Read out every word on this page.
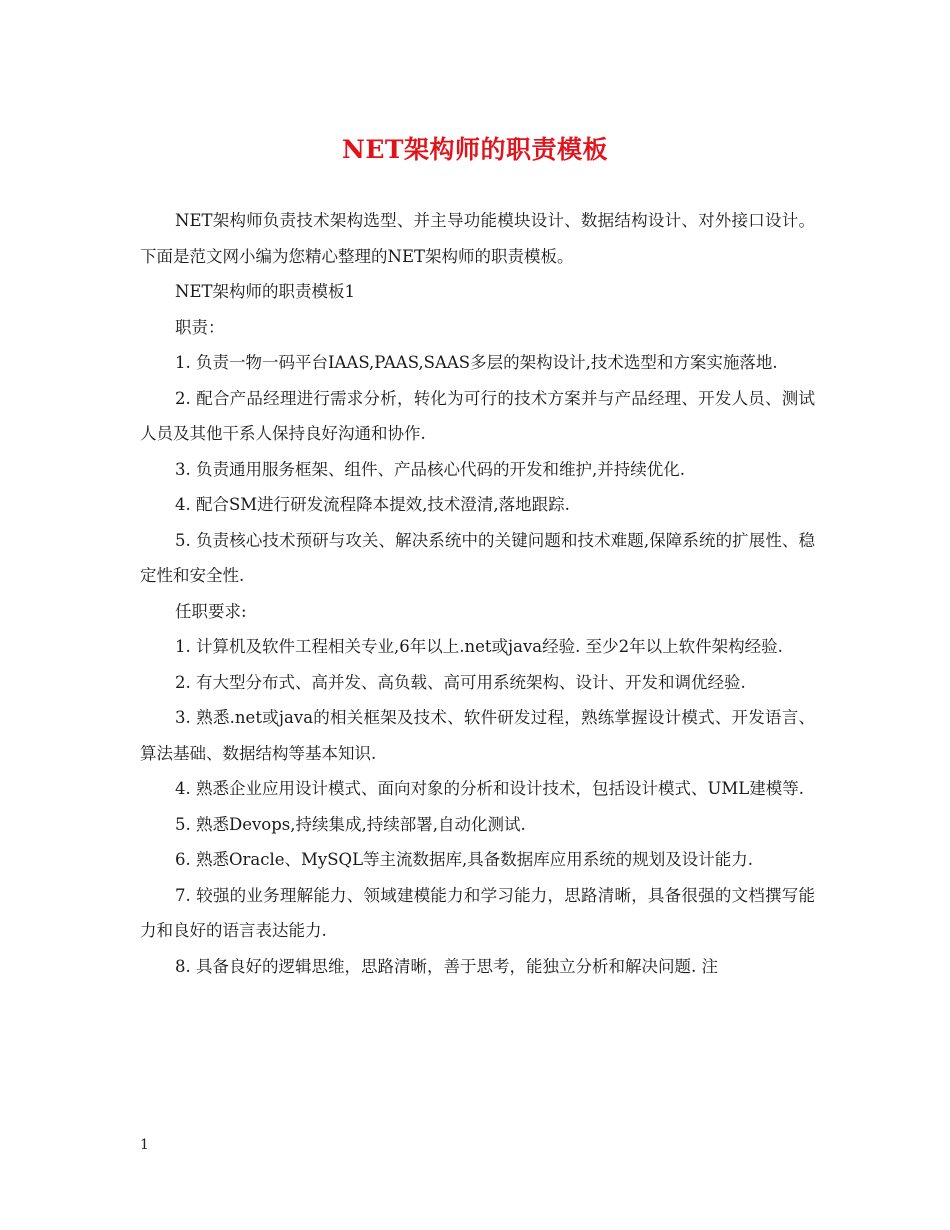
NET架构师的职责模板

NET架构师负责技术架构选型、并主导功能模块设计、数据结构设计、对外接口设计。下面是范文网小编为您精心整理的NET架构师的职责模板。

NET架构师的职责模板1

职责：

1. 负责一物一码平台IAAS,PAAS,SAAS多层的架构设计,技术选型和方案实施落地.

2. 配合产品经理进行需求分析，转化为可行的技术方案并与产品经理、开发人员、测试人员及其他干系人保持良好沟通和协作.

3. 负责通用服务框架、组件、产品核心代码的开发和维护,并持续优化.

4. 配合SM进行研发流程降本提效,技术澄清,落地跟踪.

5. 负责核心技术预研与攻关、解决系统中的关键问题和技术难题,保障系统的扩展性、稳定性和安全性.

任职要求:

1. 计算机及软件工程相关专业,6年以上.net或java经验. 至少2年以上软件架构经验.

2. 有大型分布式、高并发、高负载、高可用系统架构、设计、开发和调优经验.

3. 熟悉.net或java的相关框架及技术、软件研发过程，熟练掌握设计模式、开发语言、算法基础、数据结构等基本知识.

4. 熟悉企业应用设计模式、面向对象的分析和设计技术，包括设计模式、UML建模等.

5. 熟悉Devops,持续集成,持续部署,自动化测试.

6. 熟悉Oracle、MySQL等主流数据库,具备数据库应用系统的规划及设计能力.

7. 较强的业务理解能力、领域建模能力和学习能力，思路清晰，具备很强的文档撰写能力和良好的语言表达能力.

8. 具备良好的逻辑思维，思路清晰，善于思考，能独立分析和解决问题. 注

1
